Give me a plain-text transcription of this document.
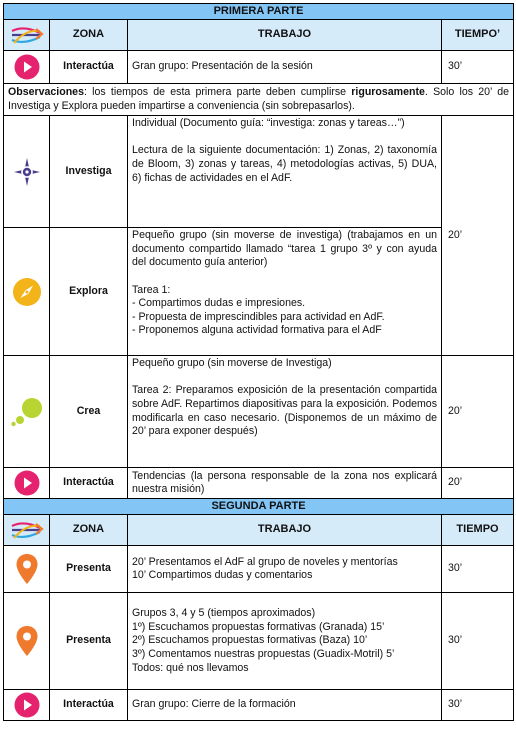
PRIMERA PARTE			

	ZONA	TRABAJO	TIEMPO’

	Interactúa	Gran grupo: Presentación de la sesión	30’
Observaciones: los tiempos de esta primera parte deben cumplirse rigurosamente. Solo los 20’ de Investiga y Explora pueden impartirse a conveniencia (sin sobrepasarlos).			

	Investiga	Individual (Documento guía: “investiga: zonas y tareas…”)
Lectura de la siguiente documentación: 1) Zonas, 2) taxonomía de Bloom, 3) zonas y tareas, 4) metodologías activas, 5) DUA, 6) fichas de actividades en el AdF.	20’

	Explora	Pequeño grupo (sin moverse de investiga) (trabajamos en un documento compartido llamado “tarea 1 grupo 3º y con ayuda del documento guía anterior)
Tarea 1:
- Compartimos dudas e impresiones.
- Propuesta de imprescindibles para actividad en AdF.
- Proponemos alguna actividad formativa para el AdF	

	Crea	Pequeño grupo (sin moverse de Investiga)
Tarea 2: Preparamos exposición de la presentación compartida sobre AdF. Repartimos diapositivas para la exposición. Podemos modificarla en caso necesario. (Disponemos de un máximo de 20’ para exponer después)	20’

	Interactúa	Tendencias (la persona responsable de la zona nos explicará nuestra misión)	20’
SEGUNDA PARTE			

	ZONA	TRABAJO	TIEMPO

	Presenta	20’ Presentamos el AdF al grupo de noveles y mentorías
10’ Compartimos dudas y comentarios	30’

	Presenta	Grupos 3, 4 y 5 (tiempos aproximados)
1º) Escuchamos propuestas formativas (Granada) 15’
2º) Escuchamos propuestas formativas (Baza) 10’
3º) Comentamos nuestras propuestas (Guadix-Motril) 5’
Todos: qué nos llevamos	30’

	Interactúa	Gran grupo: Cierre de la formación	30’
